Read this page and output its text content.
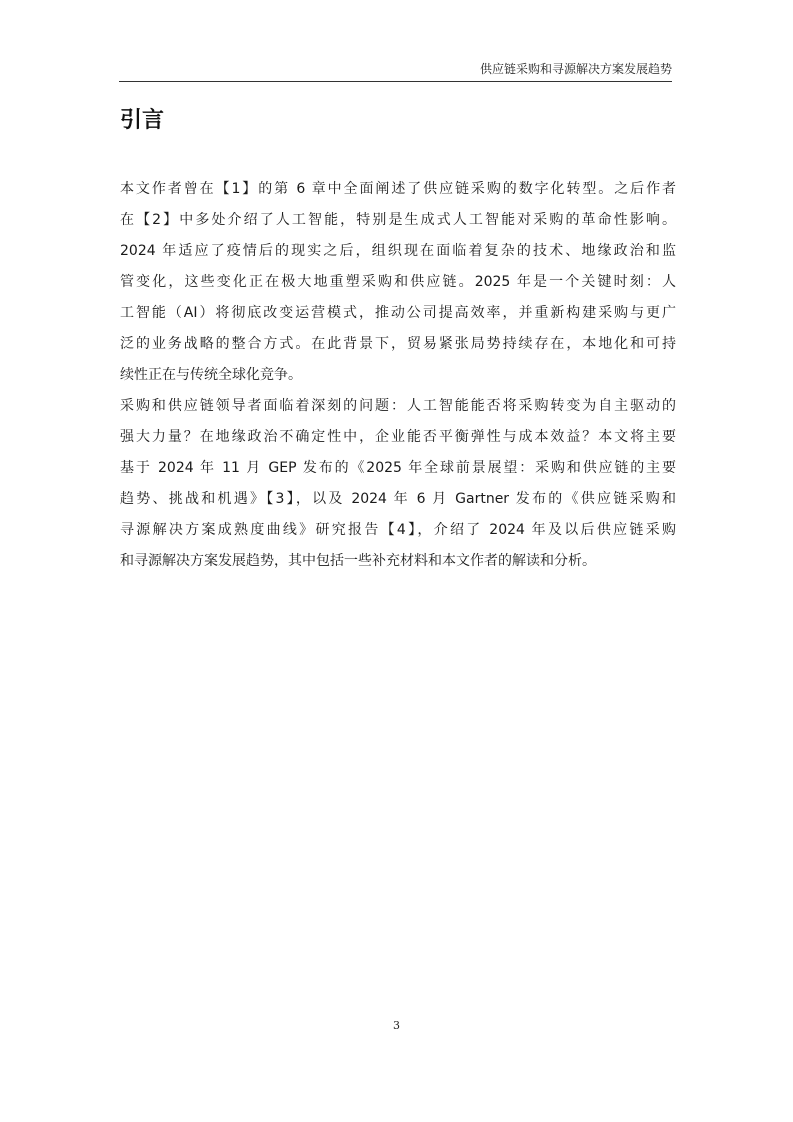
供应链采购和寻源解决方案发展趋势
引言
本文作者曾在【1】的第 6 章中全面阐述了供应链采购的数字化转型。之后作者
在【2】中多处介绍了人工智能，特别是生成式人工智能对采购的革命性影响。
2024 年适应了疫情后的现实之后，组织现在面临着复杂的技术、地缘政治和监
管变化，这些变化正在极大地重塑采购和供应链。2025 年是一个关键时刻：人
工智能（AI）将彻底改变运营模式，推动公司提高效率，并重新构建采购与更广
泛的业务战略的整合方式。在此背景下，贸易紧张局势持续存在，本地化和可持
续性正在与传统全球化竞争。
采购和供应链领导者面临着深刻的问题：人工智能能否将采购转变为自主驱动的
强大力量？在地缘政治不确定性中，企业能否平衡弹性与成本效益？本文将主要
基于 2024 年 11 月 GEP 发布的《2025 年全球前景展望：采购和供应链的主要
趋势、挑战和机遇》【3】，以及 2024 年 6 月 Gartner 发布的《供应链采购和
寻源解决方案成熟度曲线》研究报告【4】，介绍了 2024 年及以后供应链采购
和寻源解决方案发展趋势，其中包括一些补充材料和本文作者的解读和分析。
3
